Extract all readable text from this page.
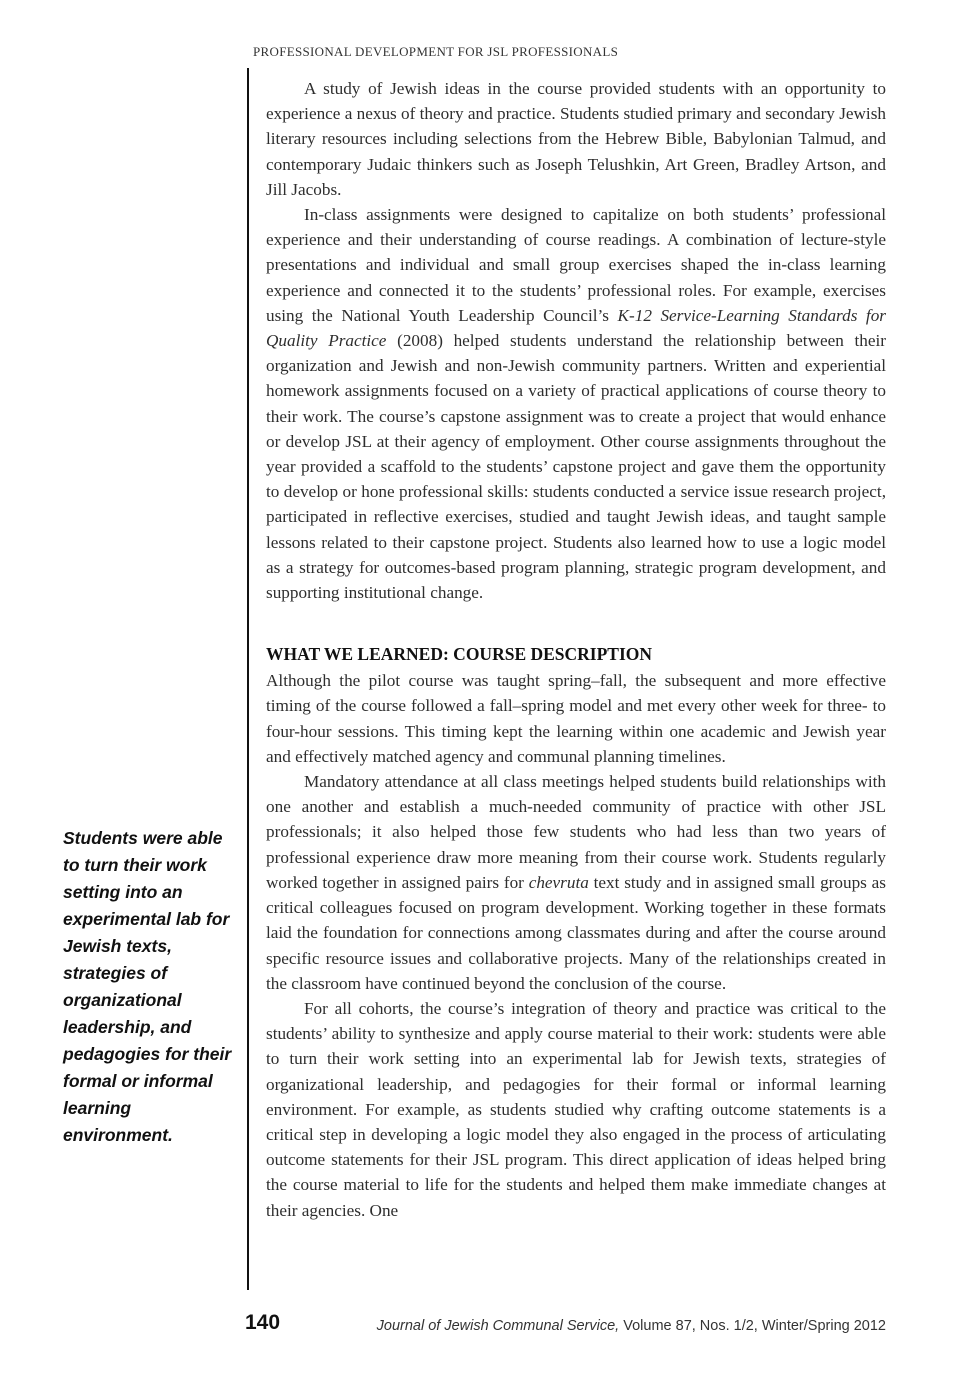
PROFESSIONAL DEVELOPMENT FOR JSL PROFESSIONALS

A study of Jewish ideas in the course provided students with an opportunity to experience a nexus of theory and practice. Students studied primary and secondary Jewish literary resources including selections from the Hebrew Bible, Babylonian Talmud, and contemporary Judaic thinkers such as Joseph Telushkin, Art Green, Bradley Artson, and Jill Jacobs.

In-class assignments were designed to capitalize on both students’ professional experience and their understanding of course readings. A combination of lecture-style presentations and individual and small group exercises shaped the in-class learning experience and connected it to the students’ professional roles. For example, exercises using the National Youth Leadership Council’s K-12 Service-Learning Standards for Quality Practice (2008) helped students understand the relationship between their organization and Jewish and non-Jewish community partners. Written and experiential homework assignments focused on a variety of practical applications of course theory to their work. The course’s capstone assignment was to create a project that would enhance or develop JSL at their agency of employment. Other course assignments throughout the year provided a scaffold to the students’ capstone project and gave them the opportunity to develop or hone professional skills: students conducted a service issue research project, participated in reflective exercises, studied and taught Jewish ideas, and taught sample lessons related to their capstone project. Students also learned how to use a logic model as a strategy for outcomes-based program planning, strategic program development, and supporting institutional change.

WHAT WE LEARNED: COURSE DESCRIPTION

Although the pilot course was taught spring–fall, the subsequent and more effective timing of the course followed a fall–spring model and met every other week for three- to four-hour sessions. This timing kept the learning within one academic and Jewish year and effectively matched agency and communal planning timelines.

Mandatory attendance at all class meetings helped students build relationships with one another and establish a much-needed community of practice with other JSL professionals; it also helped those few students who had less than two years of professional experience draw more meaning from their course work. Students regularly worked together in assigned pairs for chevruta text study and in assigned small groups as critical colleagues focused on program development. Working together in these formats laid the foundation for connections among classmates during and after the course around specific resource issues and collaborative projects. Many of the relationships created in the classroom have continued beyond the conclusion of the course.

For all cohorts, the course’s integration of theory and practice was critical to the students’ ability to synthesize and apply course material to their work: students were able to turn their work setting into an experimental lab for Jewish texts, strategies of organizational leadership, and pedagogies for their formal or informal learning environment. For example, as students studied why crafting outcome statements is a critical step in developing a logic model they also engaged in the process of articulating outcome statements for their JSL program. This direct application of ideas helped bring the course material to life for the students and helped them make immediate changes at their agencies. One

Students were able to turn their work setting into an experimental lab for Jewish texts, strategies of organizational leadership, and pedagogies for their formal or informal learning environment.
140	Journal of Jewish Communal Service, Volume 87, Nos. 1/2, Winter/Spring 2012
